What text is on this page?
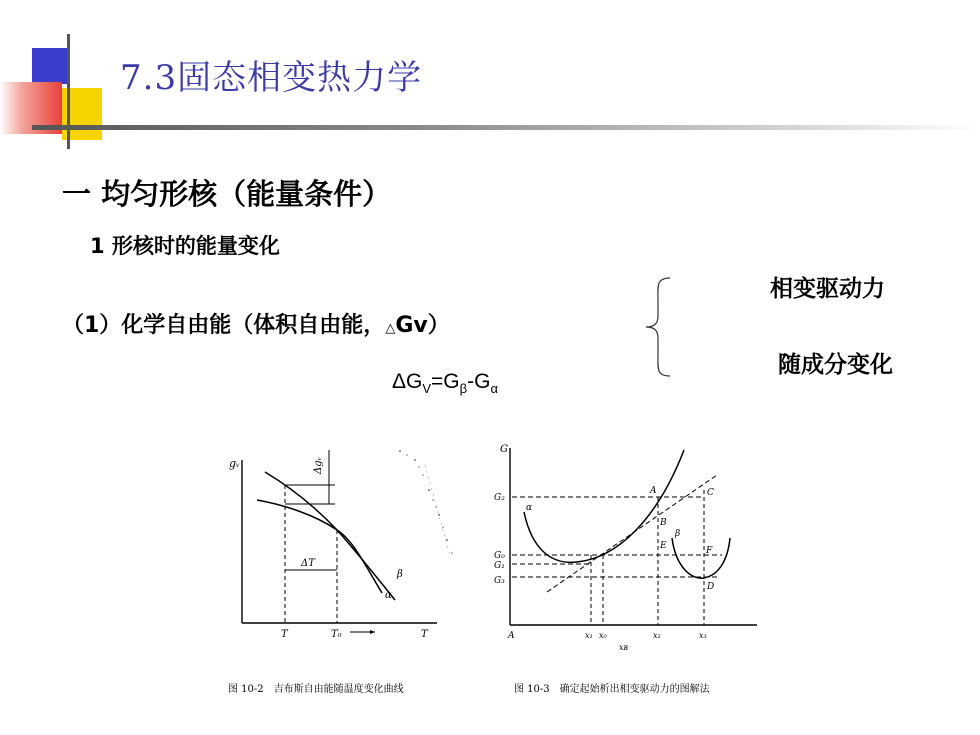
7.3固态相变热力学
一 均匀形核（能量条件）
1 形核时的能量变化
（1）化学自由能（体积自由能，△Gv）
$\Delta G_V=G_\beta-G_\alpha$
相变驱动力
随成分变化
gᵥ	Δgᵥ
ΔT
β
α
T	T₀	T
G
G₂
G₀
G₁
G₃
A
B
C
D
E	F
α
β
A	x₁ x₀	x₂	x₃
xʙ
图 10-2　吉布斯自由能随温度变化曲线	图 10-3　确定起始析出相变驱动力的图解法
